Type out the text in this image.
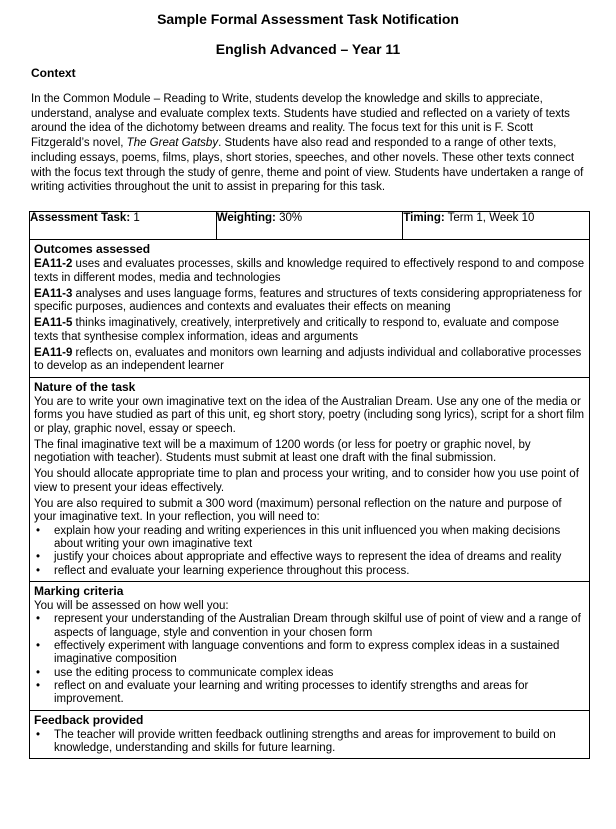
Sample Formal Assessment Task Notification
English Advanced – Year 11
Context
In the Common Module – Reading to Write, students develop the knowledge and skills to appreciate, understand, analyse and evaluate complex texts. Students have studied and reflected on a variety of texts around the idea of the dichotomy between dreams and reality. The focus text for this unit is F. Scott Fitzgerald’s novel, The Great Gatsby. Students have also read and responded to a range of other texts, including essays, poems, films, plays, short stories, speeches, and other novels. These other texts connect with the focus text through the study of genre, theme and point of view. Students have undertaken a range of writing activities throughout the unit to assist in preparing for this task.
Assessment Task: 1	Weighting: 30%	Timing: Term 1, Week 10

Outcomes assessed
EA11-2 uses and evaluates processes, skills and knowledge required to effectively respond to and compose texts in different modes, media and technologies
EA11-3 analyses and uses language forms, features and structures of texts considering appropriateness for specific purposes, audiences and contexts and evaluates their effects on meaning
EA11-5 thinks imaginatively, creatively, interpretively and critically to respond to, evaluate and compose texts that synthesise complex information, ideas and arguments
EA11-9 reflects on, evaluates and monitors own learning and adjusts individual and collaborative processes to develop as an independent learner

Nature of the task
You are to write your own imaginative text on the idea of the Australian Dream. Use any one of the media or forms you have studied as part of this unit, eg short story, poetry (including song lyrics), script for a short film or play, graphic novel, essay or speech.
The final imaginative text will be a maximum of 1200 words (or less for poetry or graphic novel, by negotiation with teacher). Students must submit at least one draft with the final submission.
You should allocate appropriate time to plan and process your writing, and to consider how you use point of view to present your ideas effectively.
You are also required to submit a 300 word (maximum) personal reflection on the nature and purpose of your imaginative text. In your reflection, you will need to:
• explain how your reading and writing experiences in this unit influenced you when making decisions about writing your own imaginative text
• justify your choices about appropriate and effective ways to represent the idea of dreams and reality
• reflect and evaluate your learning experience throughout this process.

Marking criteria
You will be assessed on how well you:
• represent your understanding of the Australian Dream through skilful use of point of view and a range of aspects of language, style and convention in your chosen form
• effectively experiment with language conventions and form to express complex ideas in a sustained imaginative composition
• use the editing process to communicate complex ideas
• reflect on and evaluate your learning and writing processes to identify strengths and areas for improvement.

Feedback provided
• The teacher will provide written feedback outlining strengths and areas for improvement to build on knowledge, understanding and skills for future learning.
